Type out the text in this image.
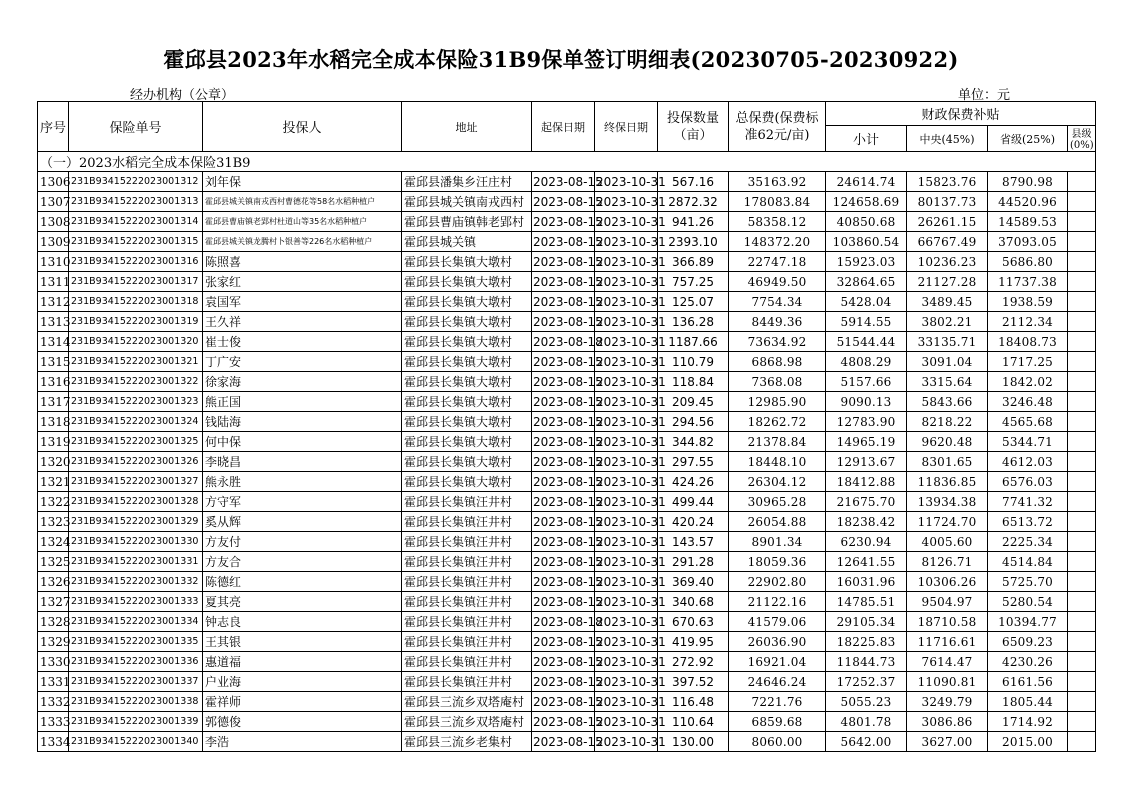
霍邱县2023年水稻完全成本保险31B9保单签订明细表(20230705-20230922)
经办机构（公章）	单位：元
序号	保险单号	投保人	地址	起保日期	终保日期	投保数量（亩）	总保费(保费标准62元/亩)	财政保费补贴			
								小计	中央(45%)	省级(25%)	县级(0%)
（一）2023水稻完全成本保险31B9											
1306	231B93415222023001312	刘年保	霍邱县潘集乡汪庄村	2023-08-15	2023-10-31	567.16	35163.92	24614.74	15823.76	8790.98	
1307	231B93415222023001313	霍邱县城关镇南戎西村曹德花等58名水稻种植户	霍邱县城关镇南戎西村	2023-08-15	2023-10-31	2872.32	178083.84	124658.69	80137.73	44520.96	
1308	231B93415222023001314	霍邱县曹庙镇老郢村杜道山等35名水稻种植户	霍邱县曹庙镇韩老郢村	2023-08-15	2023-10-31	941.26	58358.12	40850.68	26261.15	14589.53	
1309	231B93415222023001315	霍邱县城关镇龙腾村卜银善等226名水稻种植户	霍邱县城关镇	2023-08-15	2023-10-31	2393.10	148372.20	103860.54	66767.49	37093.05	
1310	231B93415222023001316	陈照喜	霍邱县长集镇大墩村	2023-08-15	2023-10-31	366.89	22747.18	15923.03	10236.23	5686.80	
1311	231B93415222023001317	张家红	霍邱县长集镇大墩村	2023-08-15	2023-10-31	757.25	46949.50	32864.65	21127.28	11737.38	
1312	231B93415222023001318	袁国军	霍邱县长集镇大墩村	2023-08-15	2023-10-31	125.07	7754.34	5428.04	3489.45	1938.59	
1313	231B93415222023001319	王久祥	霍邱县长集镇大墩村	2023-08-15	2023-10-31	136.28	8449.36	5914.55	3802.21	2112.34	
1314	231B93415222023001320	崔士俊	霍邱县长集镇大墩村	2023-08-18	2023-10-31	1187.66	73634.92	51544.44	33135.71	18408.73	
1315	231B93415222023001321	丁广安	霍邱县长集镇大墩村	2023-08-15	2023-10-31	110.79	6868.98	4808.29	3091.04	1717.25	
1316	231B93415222023001322	徐家海	霍邱县长集镇大墩村	2023-08-15	2023-10-31	118.84	7368.08	5157.66	3315.64	1842.02	
1317	231B93415222023001323	熊正国	霍邱县长集镇大墩村	2023-08-15	2023-10-31	209.45	12985.90	9090.13	5843.66	3246.48	
1318	231B93415222023001324	钱陆海	霍邱县长集镇大墩村	2023-08-15	2023-10-31	294.56	18262.72	12783.90	8218.22	4565.68	
1319	231B93415222023001325	何中保	霍邱县长集镇大墩村	2023-08-15	2023-10-31	344.82	21378.84	14965.19	9620.48	5344.71	
1320	231B93415222023001326	李晓昌	霍邱县长集镇大墩村	2023-08-15	2023-10-31	297.55	18448.10	12913.67	8301.65	4612.03	
1321	231B93415222023001327	熊永胜	霍邱县长集镇大墩村	2023-08-15	2023-10-31	424.26	26304.12	18412.88	11836.85	6576.03	
1322	231B93415222023001328	方守军	霍邱县长集镇汪井村	2023-08-15	2023-10-31	499.44	30965.28	21675.70	13934.38	7741.32	
1323	231B93415222023001329	奚从辉	霍邱县长集镇汪井村	2023-08-15	2023-10-31	420.24	26054.88	18238.42	11724.70	6513.72	
1324	231B93415222023001330	方友付	霍邱县长集镇汪井村	2023-08-15	2023-10-31	143.57	8901.34	6230.94	4005.60	2225.34	
1325	231B93415222023001331	方友合	霍邱县长集镇汪井村	2023-08-15	2023-10-31	291.28	18059.36	12641.55	8126.71	4514.84	
1326	231B93415222023001332	陈德红	霍邱县长集镇汪井村	2023-08-15	2023-10-31	369.40	22902.80	16031.96	10306.26	5725.70	
1327	231B93415222023001333	夏其亮	霍邱县长集镇汪井村	2023-08-15	2023-10-31	340.68	21122.16	14785.51	9504.97	5280.54	
1328	231B93415222023001334	钟志良	霍邱县长集镇汪井村	2023-08-18	2023-10-31	670.63	41579.06	29105.34	18710.58	10394.77	
1329	231B93415222023001335	王其银	霍邱县长集镇汪井村	2023-08-15	2023-10-31	419.95	26036.90	18225.83	11716.61	6509.23	
1330	231B93415222023001336	惠道福	霍邱县长集镇汪井村	2023-08-15	2023-10-31	272.92	16921.04	11844.73	7614.47	4230.26	
1331	231B93415222023001337	户业海	霍邱县长集镇汪井村	2023-08-15	2023-10-31	397.52	24646.24	17252.37	11090.81	6161.56	
1332	231B93415222023001338	霍祥师	霍邱县三流乡双塔庵村	2023-08-15	2023-10-31	116.48	7221.76	5055.23	3249.79	1805.44	
1333	231B93415222023001339	郭德俊	霍邱县三流乡双塔庵村	2023-08-15	2023-10-31	110.64	6859.68	4801.78	3086.86	1714.92	
1334	231B93415222023001340	李浩	霍邱县三流乡老集村	2023-08-15	2023-10-31	130.00	8060.00	5642.00	3627.00	2015.00	
